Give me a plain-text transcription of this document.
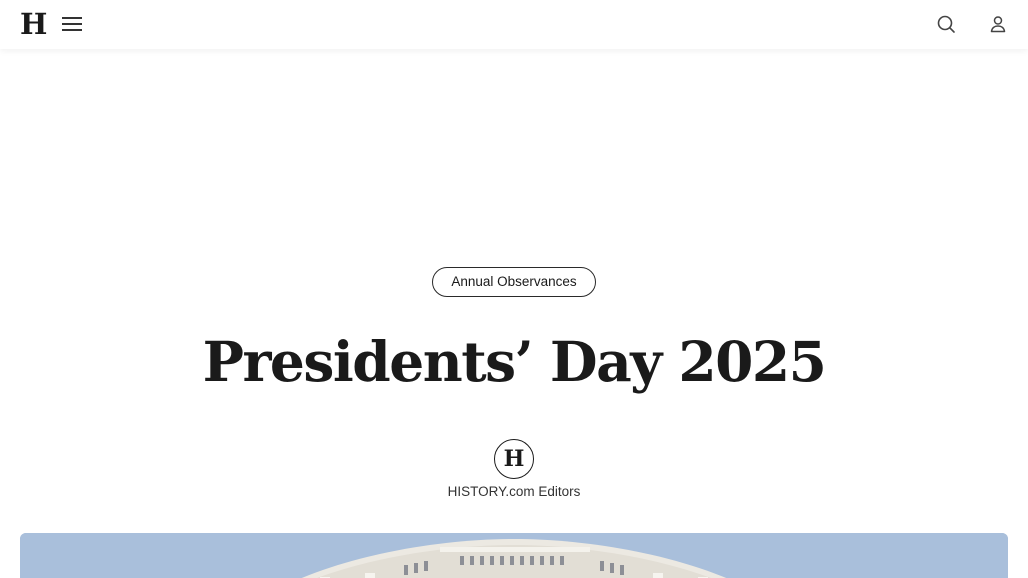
H
Annual Observances
Presidents’ Day 2025
H
HISTORY.com Editors
